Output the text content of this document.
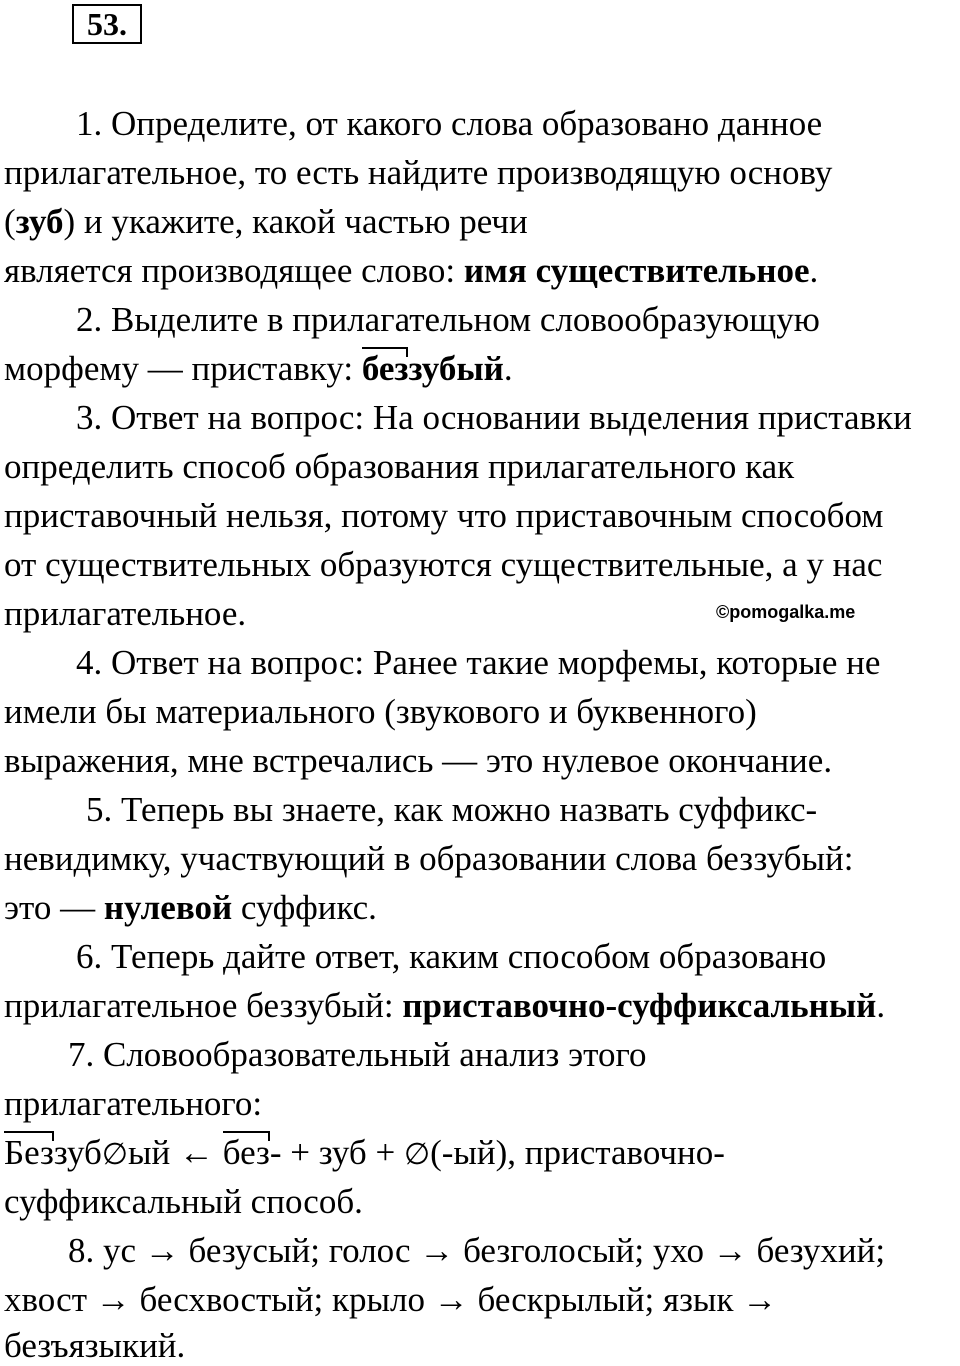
53.
1. Определите, от какого слова образовано данное
прилагательное, то есть найдите производящую основу
(зуб) и укажите, какой частью речи
является производящее слово: имя существительное.
2. Выделите в прилагательном словообразующую
морфему — приставку:
беззубый.
3. Ответ на вопрос: На основании выделения приставки
определить способ образования прилагательного как
приставочный нельзя, потому что приставочным способом
от существительных образуются существительные, а у нас
прилагательное.	©pomogalka.me
4. Ответ на вопрос: Ранее такие морфемы, которые не
имели бы материального (звукового и буквенного)
выражения, мне встречались — это нулевое окончание.
5. Теперь вы знаете, как можно назвать суффикс-
невидимку, участвующий в образовании слова беззубый:
это — нулевой суффикс.
6. Теперь дайте ответ, каким способом образовано
прилагательное беззубый: приставочно-суффиксальный.
7. Словообразовательный анализ этого
прилагательного:
Беззуб∅ый ←
без- + зуб + ∅(-ый), приставочно-
суффиксальный способ.
8. ус → безусый; голос → безголосый; ухо → безухий;
хвост → бесхвостый; крыло → бескрылый; язык →
безъязыкий.
